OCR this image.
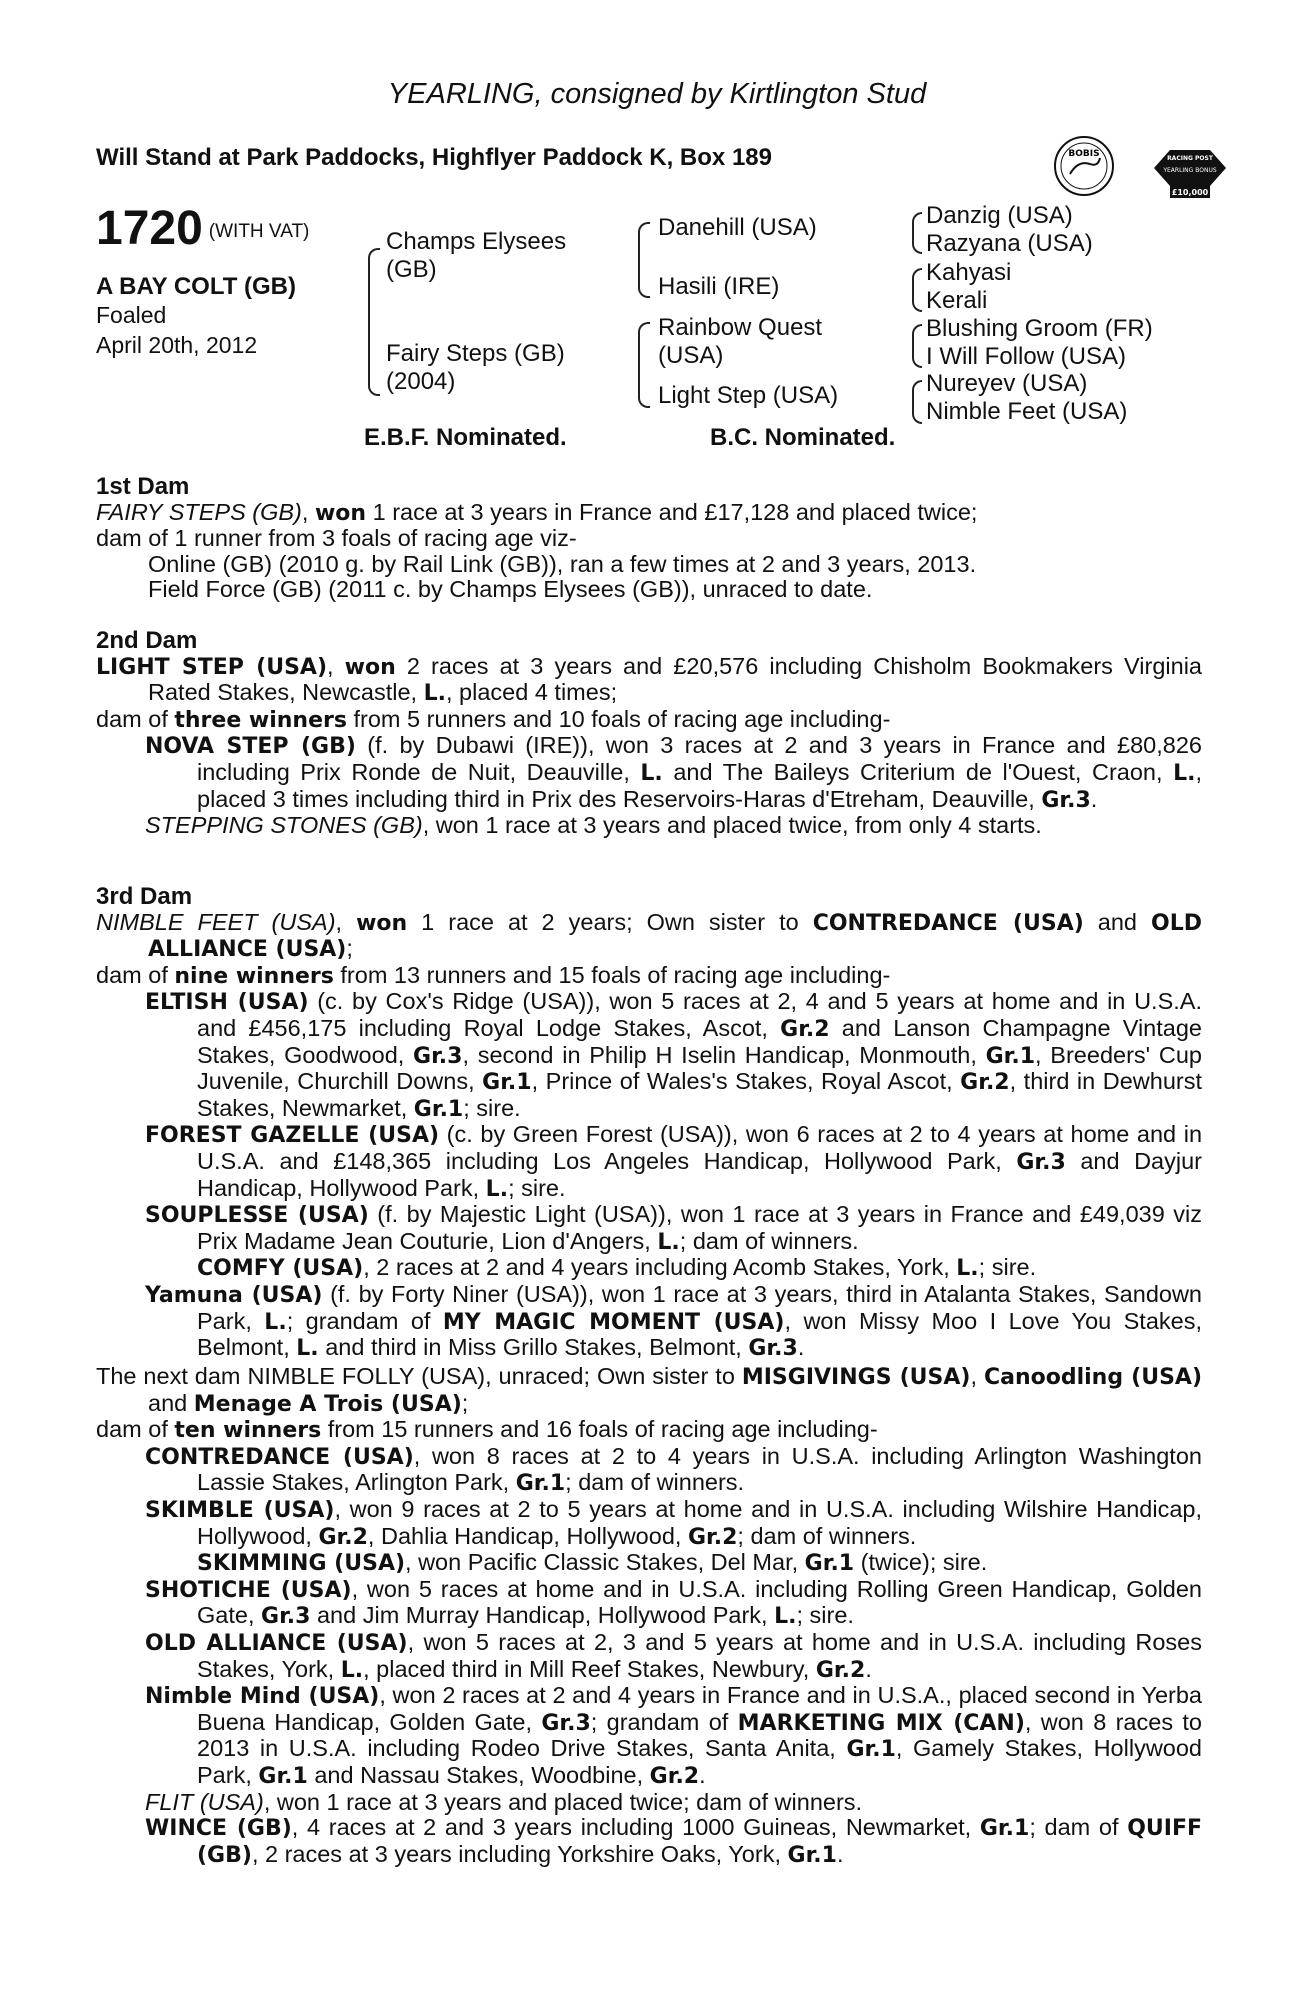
YEARLING, consigned by Kirtlington Stud
Will Stand at Park Paddocks, Highflyer Paddock K, Box 189	BOBIS	RACING POST
YEARLING BONUS
£10,000
1720 (WITH VAT)
A BAY COLT (GB)
Foaled
April 20th, 2012
Champs Elysees
(GB)
Fairy Steps (GB)
(2004)
Danehill (USA)
Hasili (IRE)
Rainbow Quest
(USA)
Light Step (USA)
Danzig (USA)
Razyana (USA)
Kahyasi
Kerali
Blushing Groom (FR)
I Will Follow (USA)
Nureyev (USA)
Nimble Feet (USA)
E.B.F. Nominated.	B.C. Nominated.

1st Dam

FAIRY STEPS (GB), won 1 race at 3 years in France and £17,128 and placed twice;

dam of 1 runner from 3 foals of racing age viz-

Online (GB) (2010 g. by Rail Link (GB)), ran a few times at 2 and 3 years, 2013.

Field Force (GB) (2011 c. by Champs Elysees (GB)), unraced to date.

2nd Dam

LIGHT STEP (USA), won 2 races at 3 years and £20,576 including Chisholm Bookmakers Virginia Rated Stakes, Newcastle, L., placed 4 times;

dam of three winners from 5 runners and 10 foals of racing age including-

NOVA STEP (GB) (f. by Dubawi (IRE)), won 3 races at 2 and 3 years in France and £80,826 including Prix Ronde de Nuit, Deauville, L. and The Baileys Criterium de l'Ouest, Craon, L., placed 3 times including third in Prix des Reservoirs-Haras d'Etreham, Deauville, Gr.3.

STEPPING STONES (GB), won 1 race at 3 years and placed twice, from only 4 starts.

3rd Dam

NIMBLE FEET (USA), won 1 race at 2 years; Own sister to CONTREDANCE (USA) and OLD ALLIANCE (USA);

dam of nine winners from 13 runners and 15 foals of racing age including-

ELTISH (USA) (c. by Cox's Ridge (USA)), won 5 races at 2, 4 and 5 years at home and in U.S.A. and £456,175 including Royal Lodge Stakes, Ascot, Gr.2 and Lanson Champagne Vintage Stakes, Goodwood, Gr.3, second in Philip H Iselin Handicap, Monmouth, Gr.1, Breeders' Cup Juvenile, Churchill Downs, Gr.1, Prince of Wales's Stakes, Royal Ascot, Gr.2, third in Dewhurst Stakes, Newmarket, Gr.1; sire.

FOREST GAZELLE (USA) (c. by Green Forest (USA)), won 6 races at 2 to 4 years at home and in U.S.A. and £148,365 including Los Angeles Handicap, Hollywood Park, Gr.3 and Dayjur Handicap, Hollywood Park, L.; sire.

SOUPLESSE (USA) (f. by Majestic Light (USA)), won 1 race at 3 years in France and £49,039 viz Prix Madame Jean Couturie, Lion d'Angers, L.; dam of winners.

COMFY (USA), 2 races at 2 and 4 years including Acomb Stakes, York, L.; sire.

Yamuna (USA) (f. by Forty Niner (USA)), won 1 race at 3 years, third in Atalanta Stakes, Sandown Park, L.; grandam of MY MAGIC MOMENT (USA), won Missy Moo I Love You Stakes, Belmont, L. and third in Miss Grillo Stakes, Belmont, Gr.3.

The next dam NIMBLE FOLLY (USA), unraced; Own sister to MISGIVINGS (USA), Canoodling (USA) and Menage A Trois (USA);

dam of ten winners from 15 runners and 16 foals of racing age including-

CONTREDANCE (USA), won 8 races at 2 to 4 years in U.S.A. including Arlington Washington Lassie Stakes, Arlington Park, Gr.1; dam of winners.

SKIMBLE (USA), won 9 races at 2 to 5 years at home and in U.S.A. including Wilshire Handicap, Hollywood, Gr.2, Dahlia Handicap, Hollywood, Gr.2; dam of winners.

SKIMMING (USA), won Pacific Classic Stakes, Del Mar, Gr.1 (twice); sire.

SHOTICHE (USA), won 5 races at home and in U.S.A. including Rolling Green Handicap, Golden Gate, Gr.3 and Jim Murray Handicap, Hollywood Park, L.; sire.

OLD ALLIANCE (USA), won 5 races at 2, 3 and 5 years at home and in U.S.A. including Roses Stakes, York, L., placed third in Mill Reef Stakes, Newbury, Gr.2.

Nimble Mind (USA), won 2 races at 2 and 4 years in France and in U.S.A., placed second in Yerba Buena Handicap, Golden Gate, Gr.3; grandam of MARKETING MIX (CAN), won 8 races to 2013 in U.S.A. including Rodeo Drive Stakes, Santa Anita, Gr.1, Gamely Stakes, Hollywood Park, Gr.1 and Nassau Stakes, Woodbine, Gr.2.

FLIT (USA), won 1 race at 3 years and placed twice; dam of winners.

WINCE (GB), 4 races at 2 and 3 years including 1000 Guineas, Newmarket, Gr.1; dam of QUIFF (GB), 2 races at 3 years including Yorkshire Oaks, York, Gr.1.
